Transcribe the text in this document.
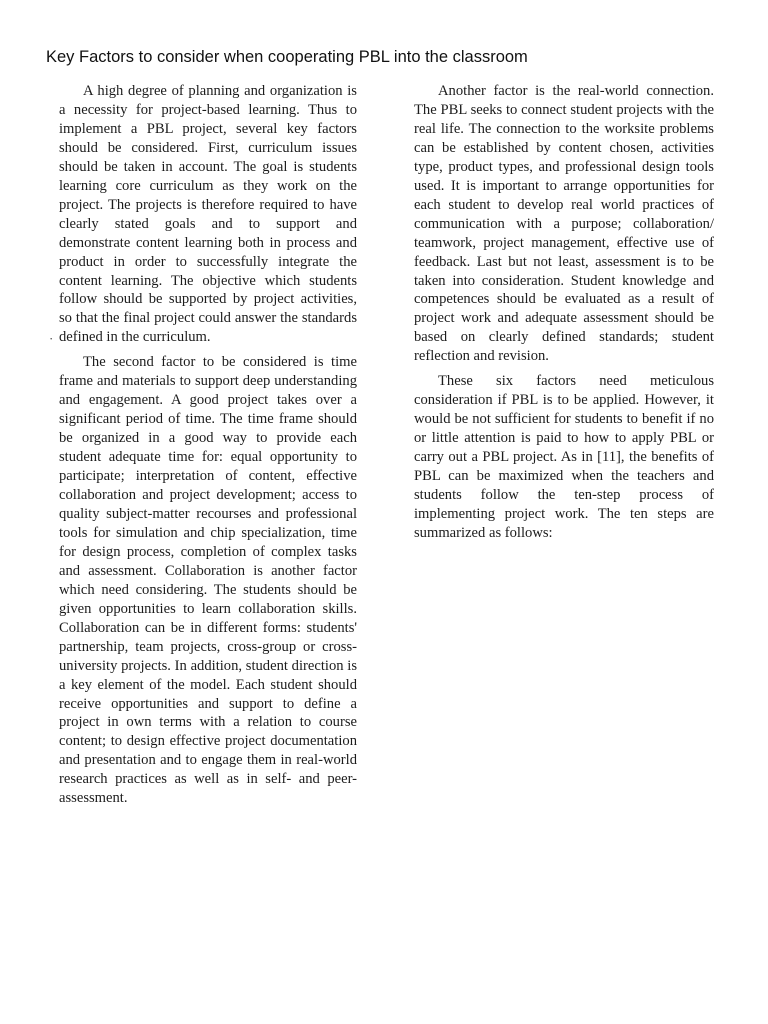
Key Factors to consider when cooperating PBL into the classroom
·

A high degree of planning and organization is a necessity for project-based learning. Thus to implement a PBL project, several key factors should be considered. First, curriculum issues should be taken in account. The goal is students learning core curriculum as they work on the project. The projects is therefore required to have clearly stated goals and to support and demonstrate content learning both in process and product in order to successfully integrate the content learning. The objective which students follow should be supported by project activities, so that the final project could answer the standards defined in the curriculum.

The second factor to be considered is time frame and materials to support deep understanding and engagement. A good project takes over a significant period of time. The time frame should be organized in a good way to provide each student adequate time for: equal opportunity to participate; interpretation of content, effective collaboration and project development; access to quality subject-matter recourses and professional tools for simulation and chip specialization, time for design process, completion of complex tasks and assessment. Collaboration is another factor which need considering. The students should be given opportunities to learn collaboration skills. Collaboration can be in different forms: students' partnership, team projects, cross-group or cross-university projects. In addition, student direction is a key element of the model. Each student should receive opportunities and support to define a project in own terms with a relation to course content; to design effective project documentation and presentation and to engage them in real-world research practices as well as in self- and peer-assessment.

Another factor is the real-world connection. The PBL seeks to connect student projects with the real life. The connection to the worksite problems can be established by content chosen, activities type, product types, and professional design tools used. It is important to arrange opportunities for each student to develop real world practices of communication with a purpose; collaboration/ teamwork, project management, effective use of feedback. Last but not least, assessment is to be taken into consideration. Student knowledge and competences should be evaluated as a result of project work and adequate assessment should be based on clearly defined standards; student reflection and revision.

These six factors need meticulous consideration if PBL is to be applied. However, it would be not sufficient for students to benefit if no or little attention is paid to how to apply PBL or carry out a PBL project. As in [11], the benefits of PBL can be maximized when the teachers and students follow the ten-step process of implementing project work. The ten steps are summarized as follows:
